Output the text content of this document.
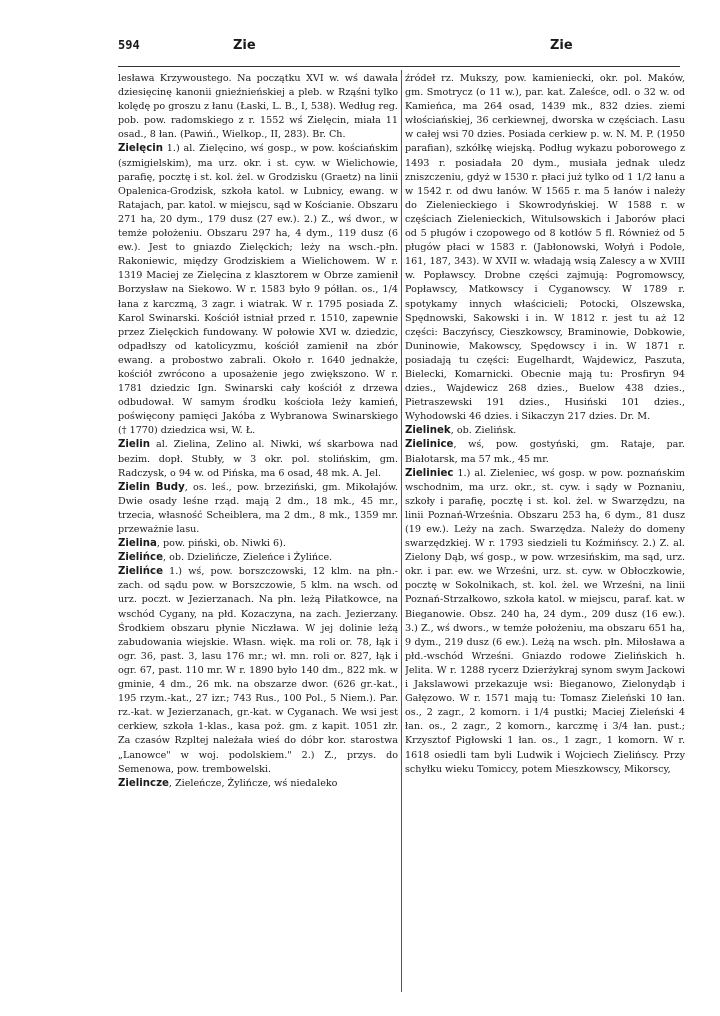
594	Zie	Zie

lesława Krzywoustego. Na początku XVI w. wś dawała dziesięcinę kanonii gnieźnieńskiej a pleb. w Rząśni tylko kolędę po groszu z łanu (Łaski, L. B., I, 538). Według reg. pob. pow. radomskiego z r. 1552 wś Zielęcin, miała 11 osad., 8 łan. (Pawiń., Wielkop., II, 283). Br. Ch.

Zielęcin 1.) al. Zielęcino, wś gosp., w pow. kościańskim (szmigielskim), ma urz. okr. i st. cyw. w Wielichowie, parafię, pocztę i st. kol. żel. w Grodzisku (Graetz) na linii Opalenica-Grodzisk, szkoła katol. w Lubnicy, ewang. w Ratajach, par. katol. w miejscu, sąd w Kościanie. Obszaru 271 ha, 20 dym., 179 dusz (27 ew.). 2.) Z., wś dwor., w temże położeniu. Obszaru 297 ha, 4 dym., 119 dusz (6 ew.). Jest to gniazdo Zielęckich; leży na wsch.-płn. Rakoniewic, między Grodziskiem a Wielichowem. W r. 1319 Maciej ze Zielęcina z klasztorem w Obrze zamienił Borzysław na Siekowo. W r. 1583 było 9 półłan. os., 1/4 łana z karczmą, 3 zagr. i wiatrak. W r. 1795 posiada Z. Karol Swinarski. Kościół istniał przed r. 1510, zapewnie przez Zielęckich fundowany. W połowie XVI w. dziedzic, odpadłszy od katolicyzmu, kościół zamienił na zbór ewang. a probostwo zabrali. Około r. 1640 jednakże, kościół zwrócono a uposażenie jego zwiększono. W r. 1781 dziedzic Ign. Swinarski cały kościół z drzewa odbudował. W samym środku kościoła leży kamień, poświęcony pamięci Jakóba z Wybranowa Swinarskiego († 1770) dziedzica wsi, W. Ł.

Zielin al. Zielina, Zelino al. Niwki, wś skarbowa nad bezim. dopł. Stubły, w 3 okr. pol. stolińskim, gm. Radczysk, o 94 w. od Pińska, ma 6 osad, 48 mk. A. Jel.

Zielin Budy, os. leś., pow. brzeziński, gm. Mikołajów. Dwie osady leśne rząd. mają 2 dm., 18 mk., 45 mr., trzecia, własność Scheiblera, ma 2 dm., 8 mk., 1359 mr. przeważnie lasu.

Zielina, pow. piński, ob. Niwki 6).

Zielińce, ob. Dzielińcze, Zieleńce i Żylińce.

Zielińce 1.) wś, pow. borszczowski, 12 klm. na płn.-zach. od sądu pow. w Borszczowie, 5 klm. na wsch. od urz. poczt. w Jezierzanach. Na płn. leżą Piłatkowce, na wschód Cygany, na płd. Kozaczyna, na zach. Jezierzany. Środkiem obszaru płynie Niczława. W jej dolinie leżą zabudowania wiejskie. Własn. więk. ma roli or. 78, łąk i ogr. 36, past. 3, lasu 176 mr.; wł. mn. roli or. 827, łąk i ogr. 67, past. 110 mr. W r. 1890 było 140 dm., 822 mk. w gminie, 4 dm., 26 mk. na obszarze dwor. (626 gr.-kat., 195 rzym.-kat., 27 izr.; 743 Rus., 100 Pol., 5 Niem.). Par. rz.-kat. w Jezierzanach, gr.-kat. w Cyganach. We wsi jest cerkiew, szkoła 1-klas., kasa poż. gm. z kapit. 1051 złr. Za czasów Rzpltej należała wieś do dóbr kor. starostwa „Lanowce" w woj. podolskiem." 2.) Z., przys. do Semenowa, pow. trembowelski.

Zielincze, Zieleńcze, Żylińcze, wś niedaleko

źródeł rz. Mukszy, pow. kamieniecki, okr. pol. Maków, gm. Smotrycz (o 11 w.), par. kat. Zaleśce, odl. o 32 w. od Kamieńca, ma 264 osad, 1439 mk., 832 dzies. ziemi włościańskiej, 36 cerkiewnej, dworska w częściach. Lasu w całej wsi 70 dzies. Posiada cerkiew p. w. N. M. P. (1950 parafian), szkółkę wiejską. Podług wykazu poborowego z 1493 r. posiadała 20 dym., musiała jednak uledz zniszczeniu, gdyż w 1530 r. płaci już tylko od 1 1/2 łanu a w 1542 r. od dwu łanów. W 1565 r. ma 5 łanów i należy do Zielenieckiego i Skowrodyńskiej. W 1588 r. w częściach Zielenieckich, Witulsowskich i Jaborów płaci od 5 pługów i czopowego od 8 kotłów 5 fl. Również od 5 pługów płaci w 1583 r. (Jabłonowski, Wołyń i Podole, 161, 187, 343). W XVII w. władają wsią Zalescy a w XVIII w. Popławscy. Drobne części zajmują: Pogromowscy, Popławscy, Matkowscy i Cyganowscy. W 1789 r. spotykamy innych właścicieli; Potocki, Olszewska, Spędnowski, Sakowski i in. W 1812 r. jest tu aż 12 części: Baczyńscy, Cieszkowscy, Braminowie, Dobkowie, Duninowie, Makowscy, Spędowscy i in. W 1871 r. posiadają tu części: Eugelhardt, Wajdewicz, Paszuta, Bielecki, Komarnicki. Obecnie mają tu: Prosfiryn 94 dzies., Wajdewicz 268 dzies., Buelow 438 dzies., Pietraszewski 191 dzies., Husiński 101 dzies., Wyhodowski 46 dzies. i Sikaczyn 217 dzies. Dr. M.

Zielinek, ob. Zielińsk.

Zielinice, wś, pow. gostyński, gm. Rataje, par. Białotarsk, ma 57 mk., 45 mr.

Zieliniec 1.) al. Zieleniec, wś gosp. w pow. poznańskim wschodnim, ma urz. okr., st. cyw. i sądy w Poznaniu, szkoły i parafię, pocztę i st. kol. żel. w Swarzędzu, na linii Poznań-Września. Obszaru 253 ha, 6 dym., 81 dusz (19 ew.). Leży na zach. Swarzędza. Należy do domeny swarzędzkiej. W r. 1793 siedzieli tu Koźmińscy. 2.) Z. al. Zielony Dąb, wś gosp., w pow. wrzesińskim, ma sąd, urz. okr. i par. ew. we Wrześni, urz. st. cyw. w Obłoczkowie, pocztę w Sokolnikach, st. kol. żel. we Wrześni, na linii Poznań-Strzałkowo, szkoła katol. w miejscu, paraf. kat. w Bieganowie. Obsz. 240 ha, 24 dym., 209 dusz (16 ew.). 3.) Z., wś dwors., w temże położeniu, ma obszaru 651 ha, 9 dym., 219 dusz (6 ew.). Leżą na wsch. płn. Miłosława a płd.-wschód Wrześni. Gniazdo rodowe Zielińskich h. Jelita. W r. 1288 rycerz Dzierżykraj synom swym Jackowi i Jakslawowi przekazuje wsi: Bieganowo, Zielonydąb i Gałęzowo. W r. 1571 mają tu: Tomasz Zieleński 10 łan. os., 2 zagr., 2 komorn. i 1/4 pustki; Maciej Zieleński 4 łan. os., 2 zagr., 2 komorn., karczmę i 3/4 łan. pust.; Krzysztof Pigłowski 1 łan. os., 1 zagr., 1 komorn. W r. 1618 osiedli tam byli Ludwik i Wojciech Zielińscy. Przy schyłku wieku Tomiccy, potem Mieszkowscy, Mikorscy,
